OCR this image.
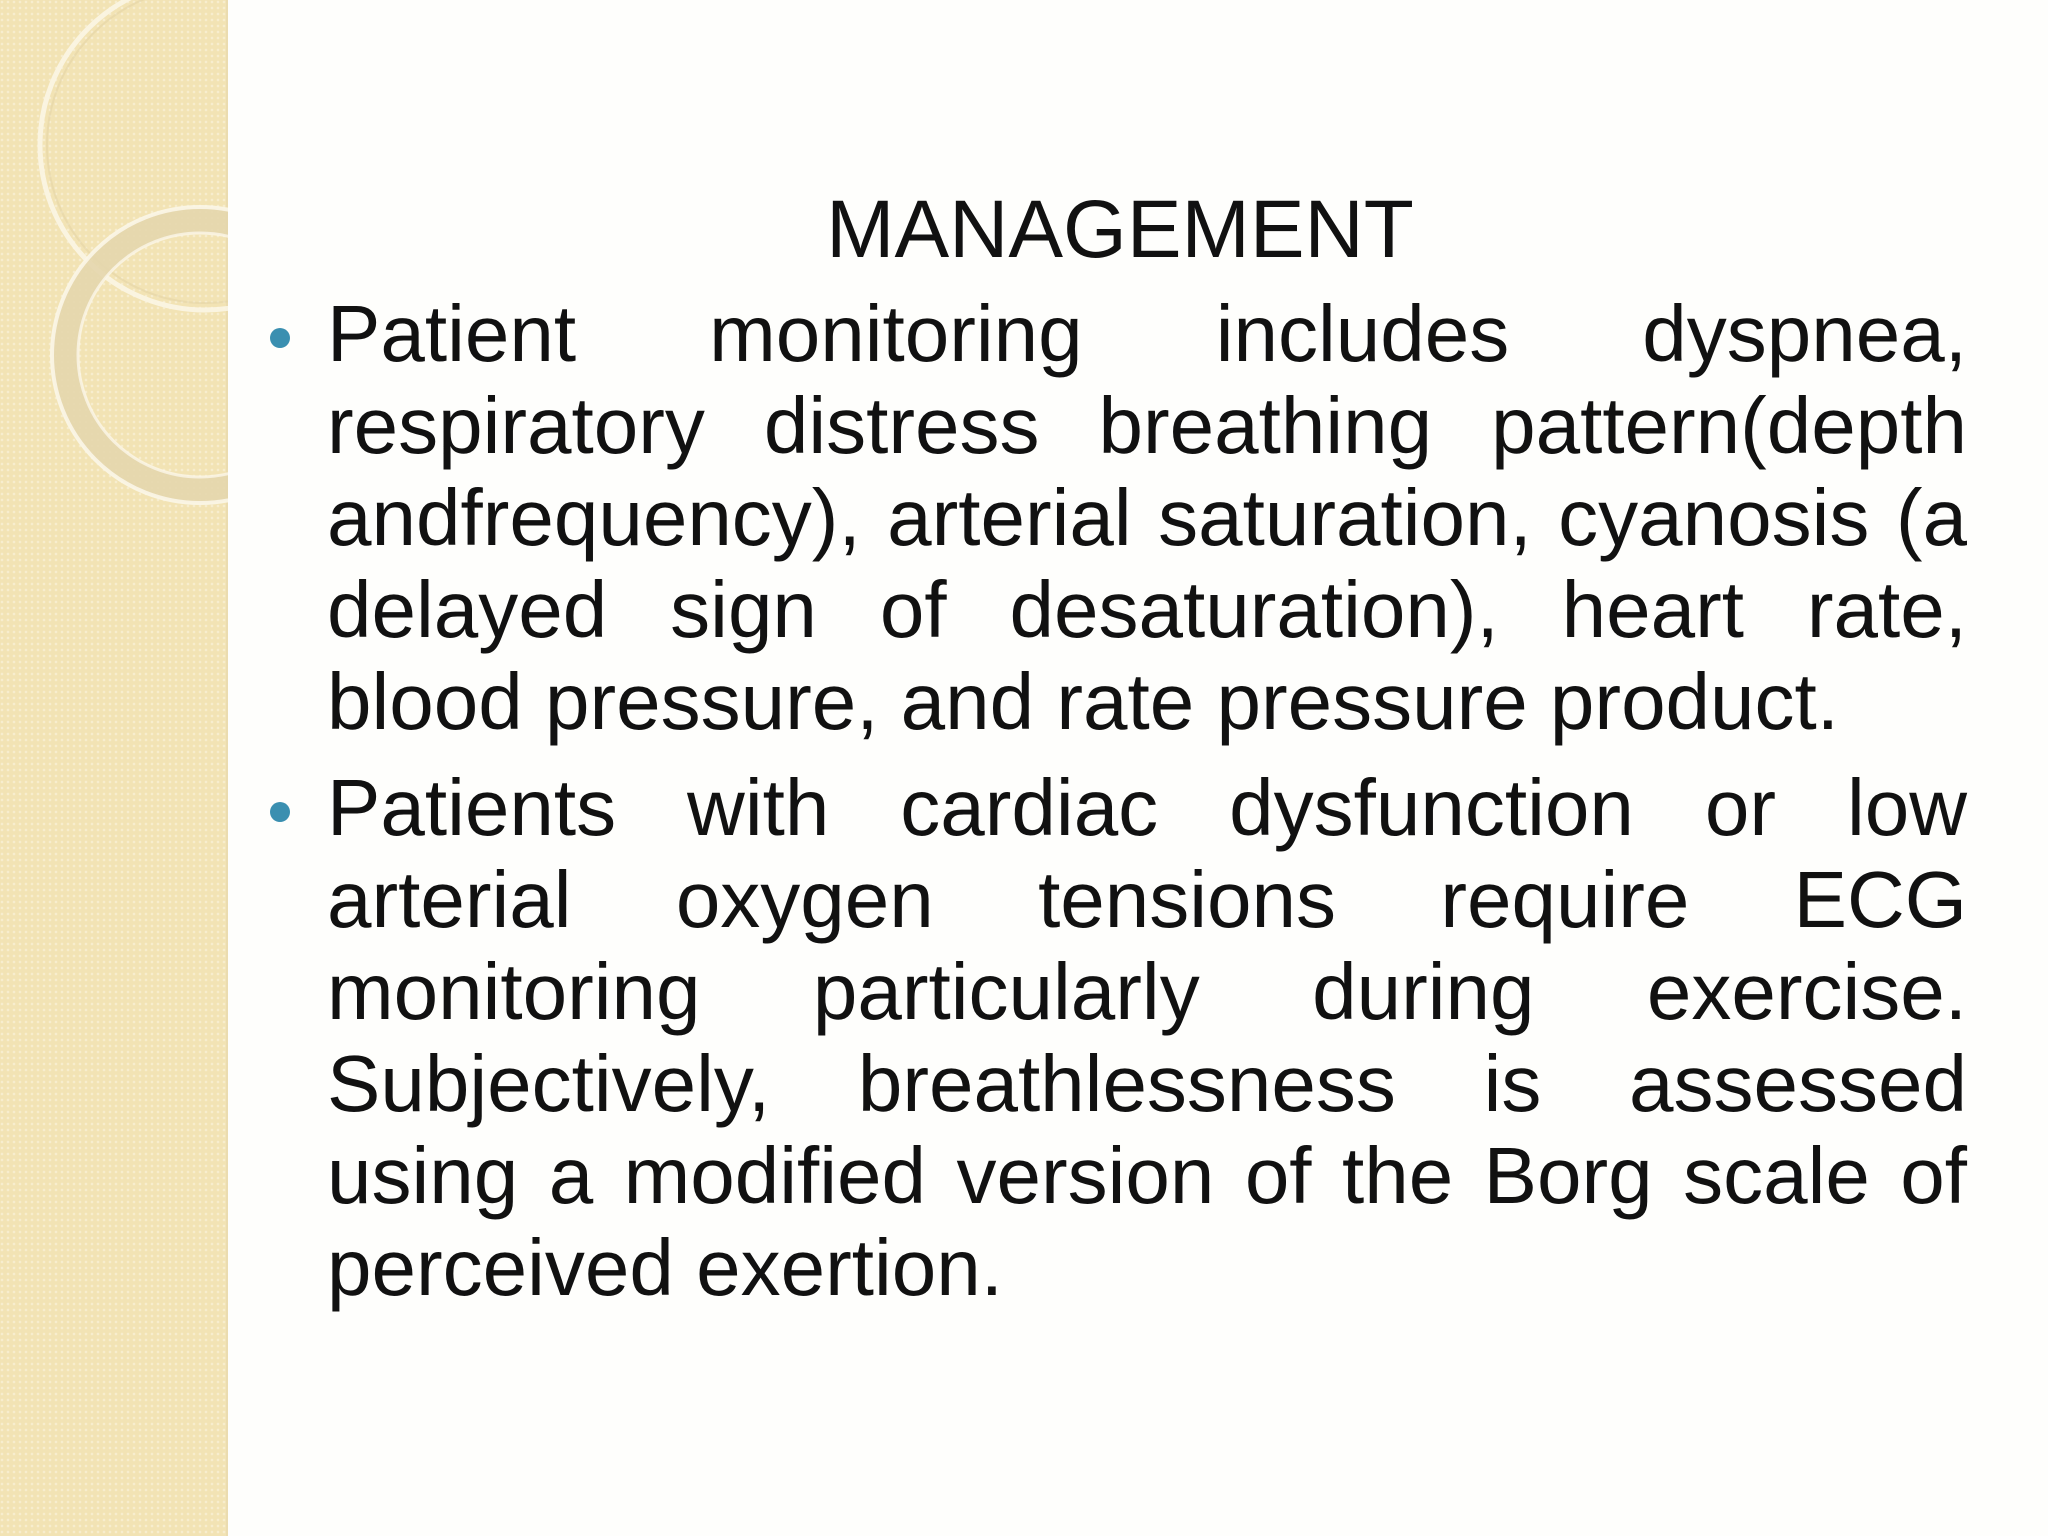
MANAGEMENT
Patient monitoring includes dyspnea, respiratory distress breathing pattern(depth andfrequency), arterial saturation, cyanosis (a delayed sign of desaturation), heart rate, blood pressure, and rate pressure product.
Patients with cardiac dysfunction or low arterial oxygen tensions require ECG monitoring particularly during exercise. Subjectively, breathlessness is assessed using a modified version of the Borg scale of perceived exertion.
